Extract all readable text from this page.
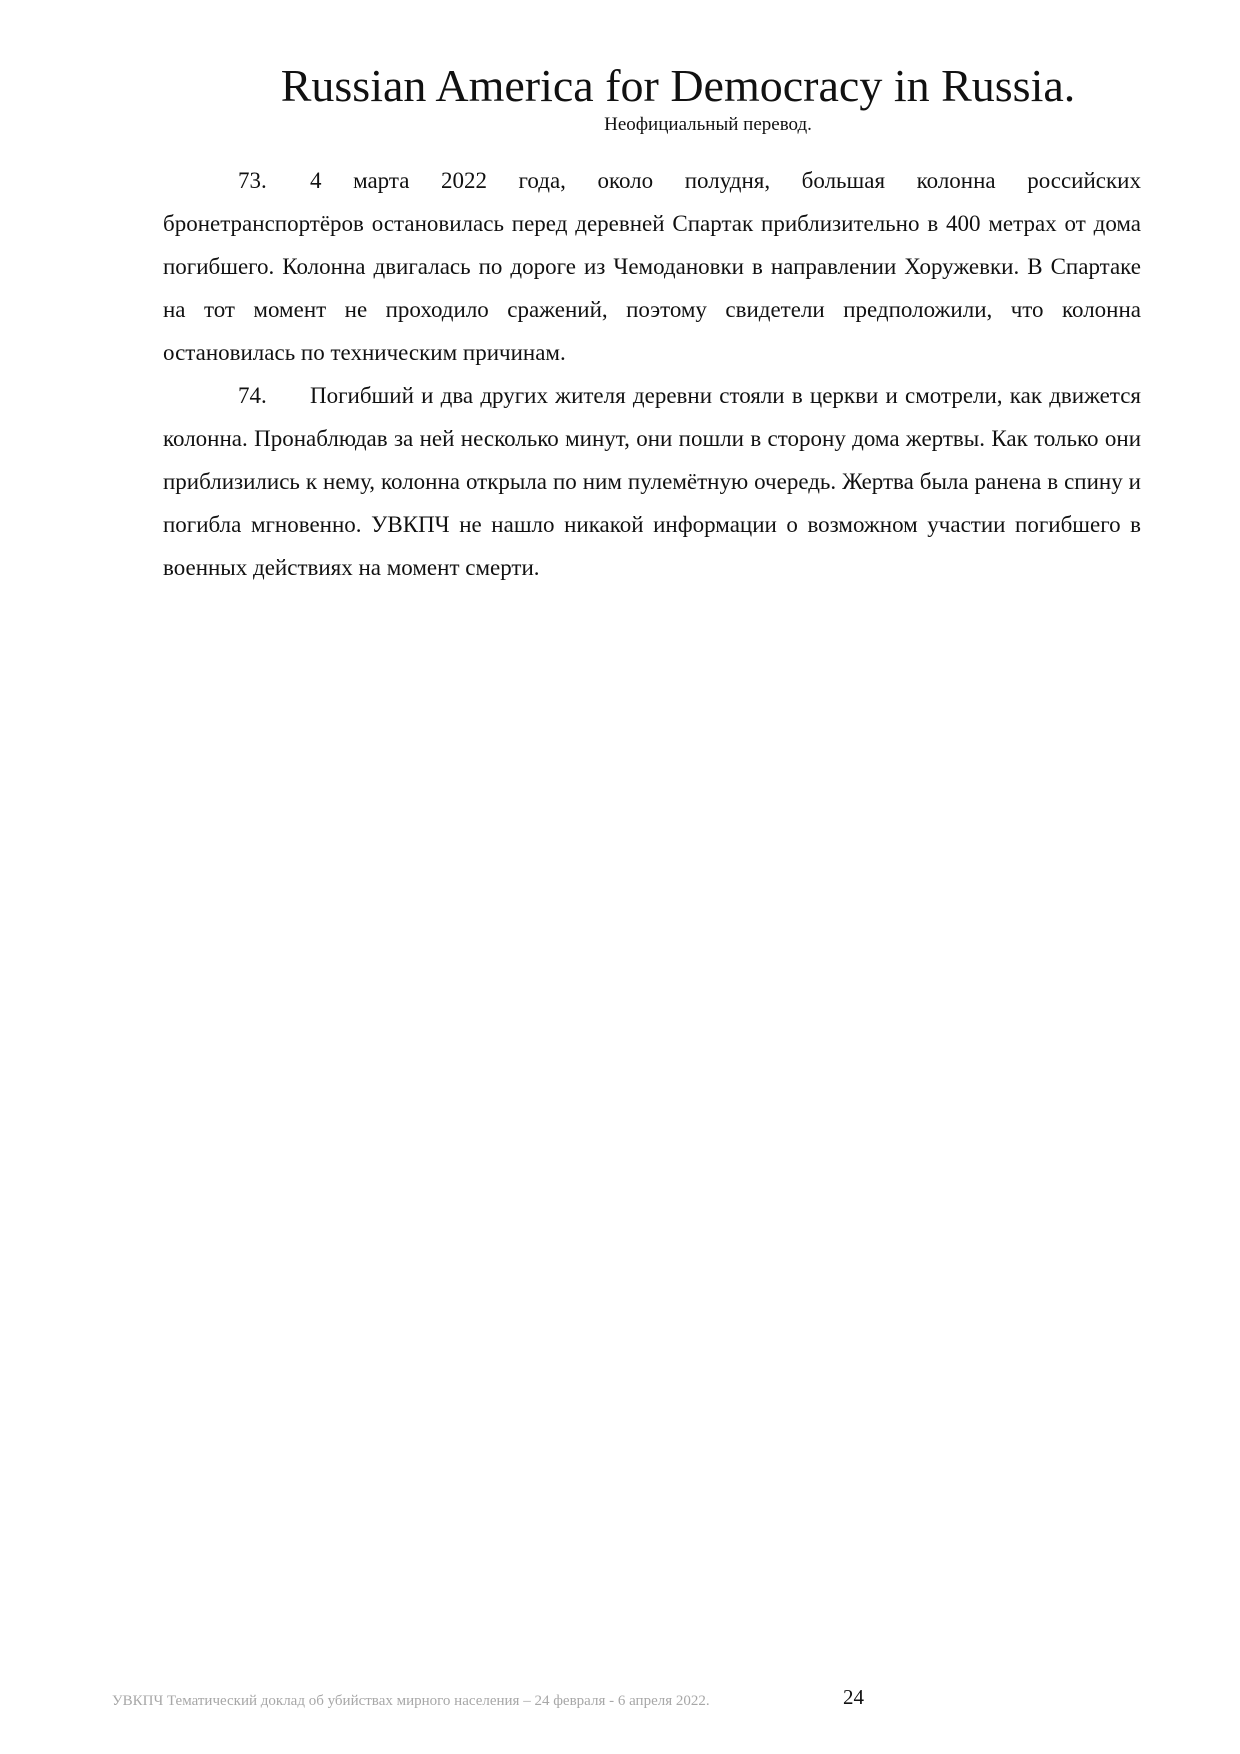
Russian America for Democracy in Russia.
Неофициальный перевод.

73. 4 марта 2022 года, около полудня, большая колонна российских бронетранспортёров остановилась перед деревней Спартак приблизительно в 400 метрах от дома погибшего. Колонна двигалась по дороге из Чемодановки в направлении Хоружевки. В Спартаке на тот момент не проходило сражений, поэтому свидетели предположили, что колонна остановилась по техническим причинам.

74. Погибший и два других жителя деревни стояли в церкви и смотрели, как движется колонна. Пронаблюдав за ней несколько минут, они пошли в сторону дома жертвы. Как только они приблизились к нему, колонна открыла по ним пулемётную очередь. Жертва была ранена в спину и погибла мгновенно. УВКПЧ не нашло никакой информации о возможном участии погибшего в военных действиях на момент смерти.

УВКПЧ Тематический доклад об убийствах мирного населения – 24 февраля - 6 апреля 2022.	24
